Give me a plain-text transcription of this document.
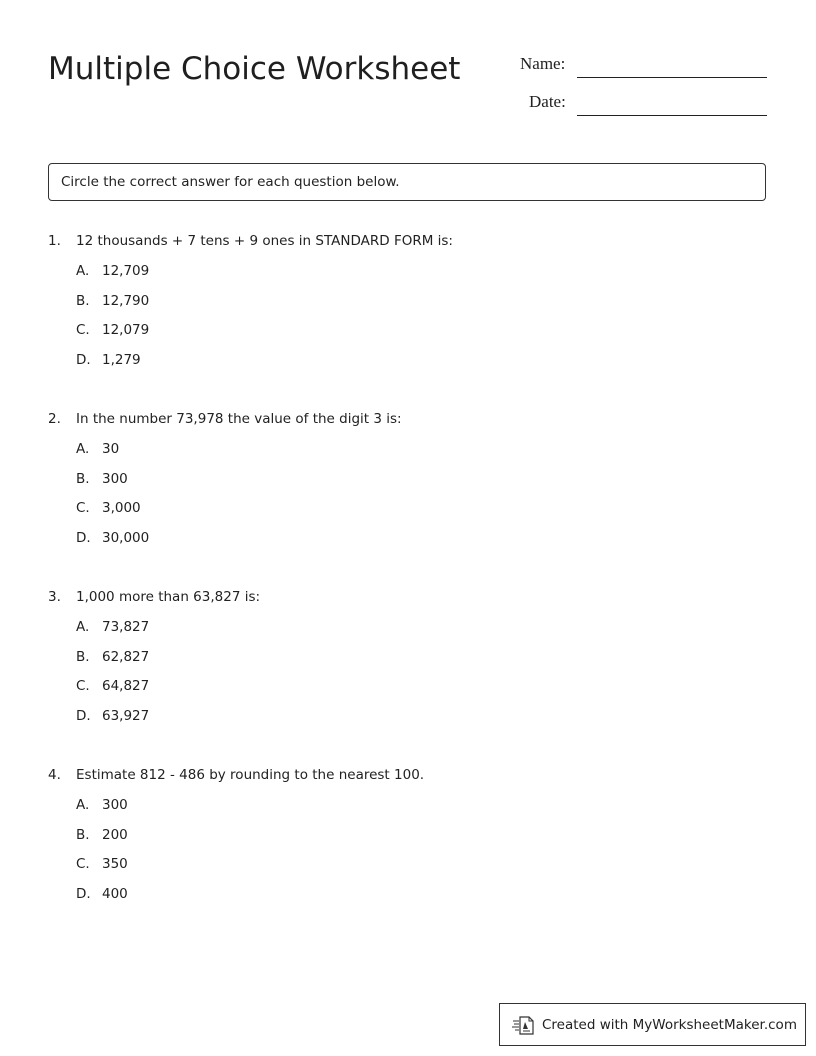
Multiple Choice Worksheet	Name:
Date:
Circle the correct answer for each question below.
1. 12 thousands + 7 tens + 9 ones in STANDARD FORM is:
A. 12,709
B. 12,790
C. 12,079
D. 1,279
2. In the number 73,978 the value of the digit 3 is:
A. 30
B. 300
C. 3,000
D. 30,000
3. 1,000 more than 63,827 is:
A. 73,827
B. 62,827
C. 64,827
D. 63,927
4. Estimate 812 - 486 by rounding to the nearest 100.
A. 300
B. 200
C. 350
D. 400
Created with MyWorksheetMaker.com
